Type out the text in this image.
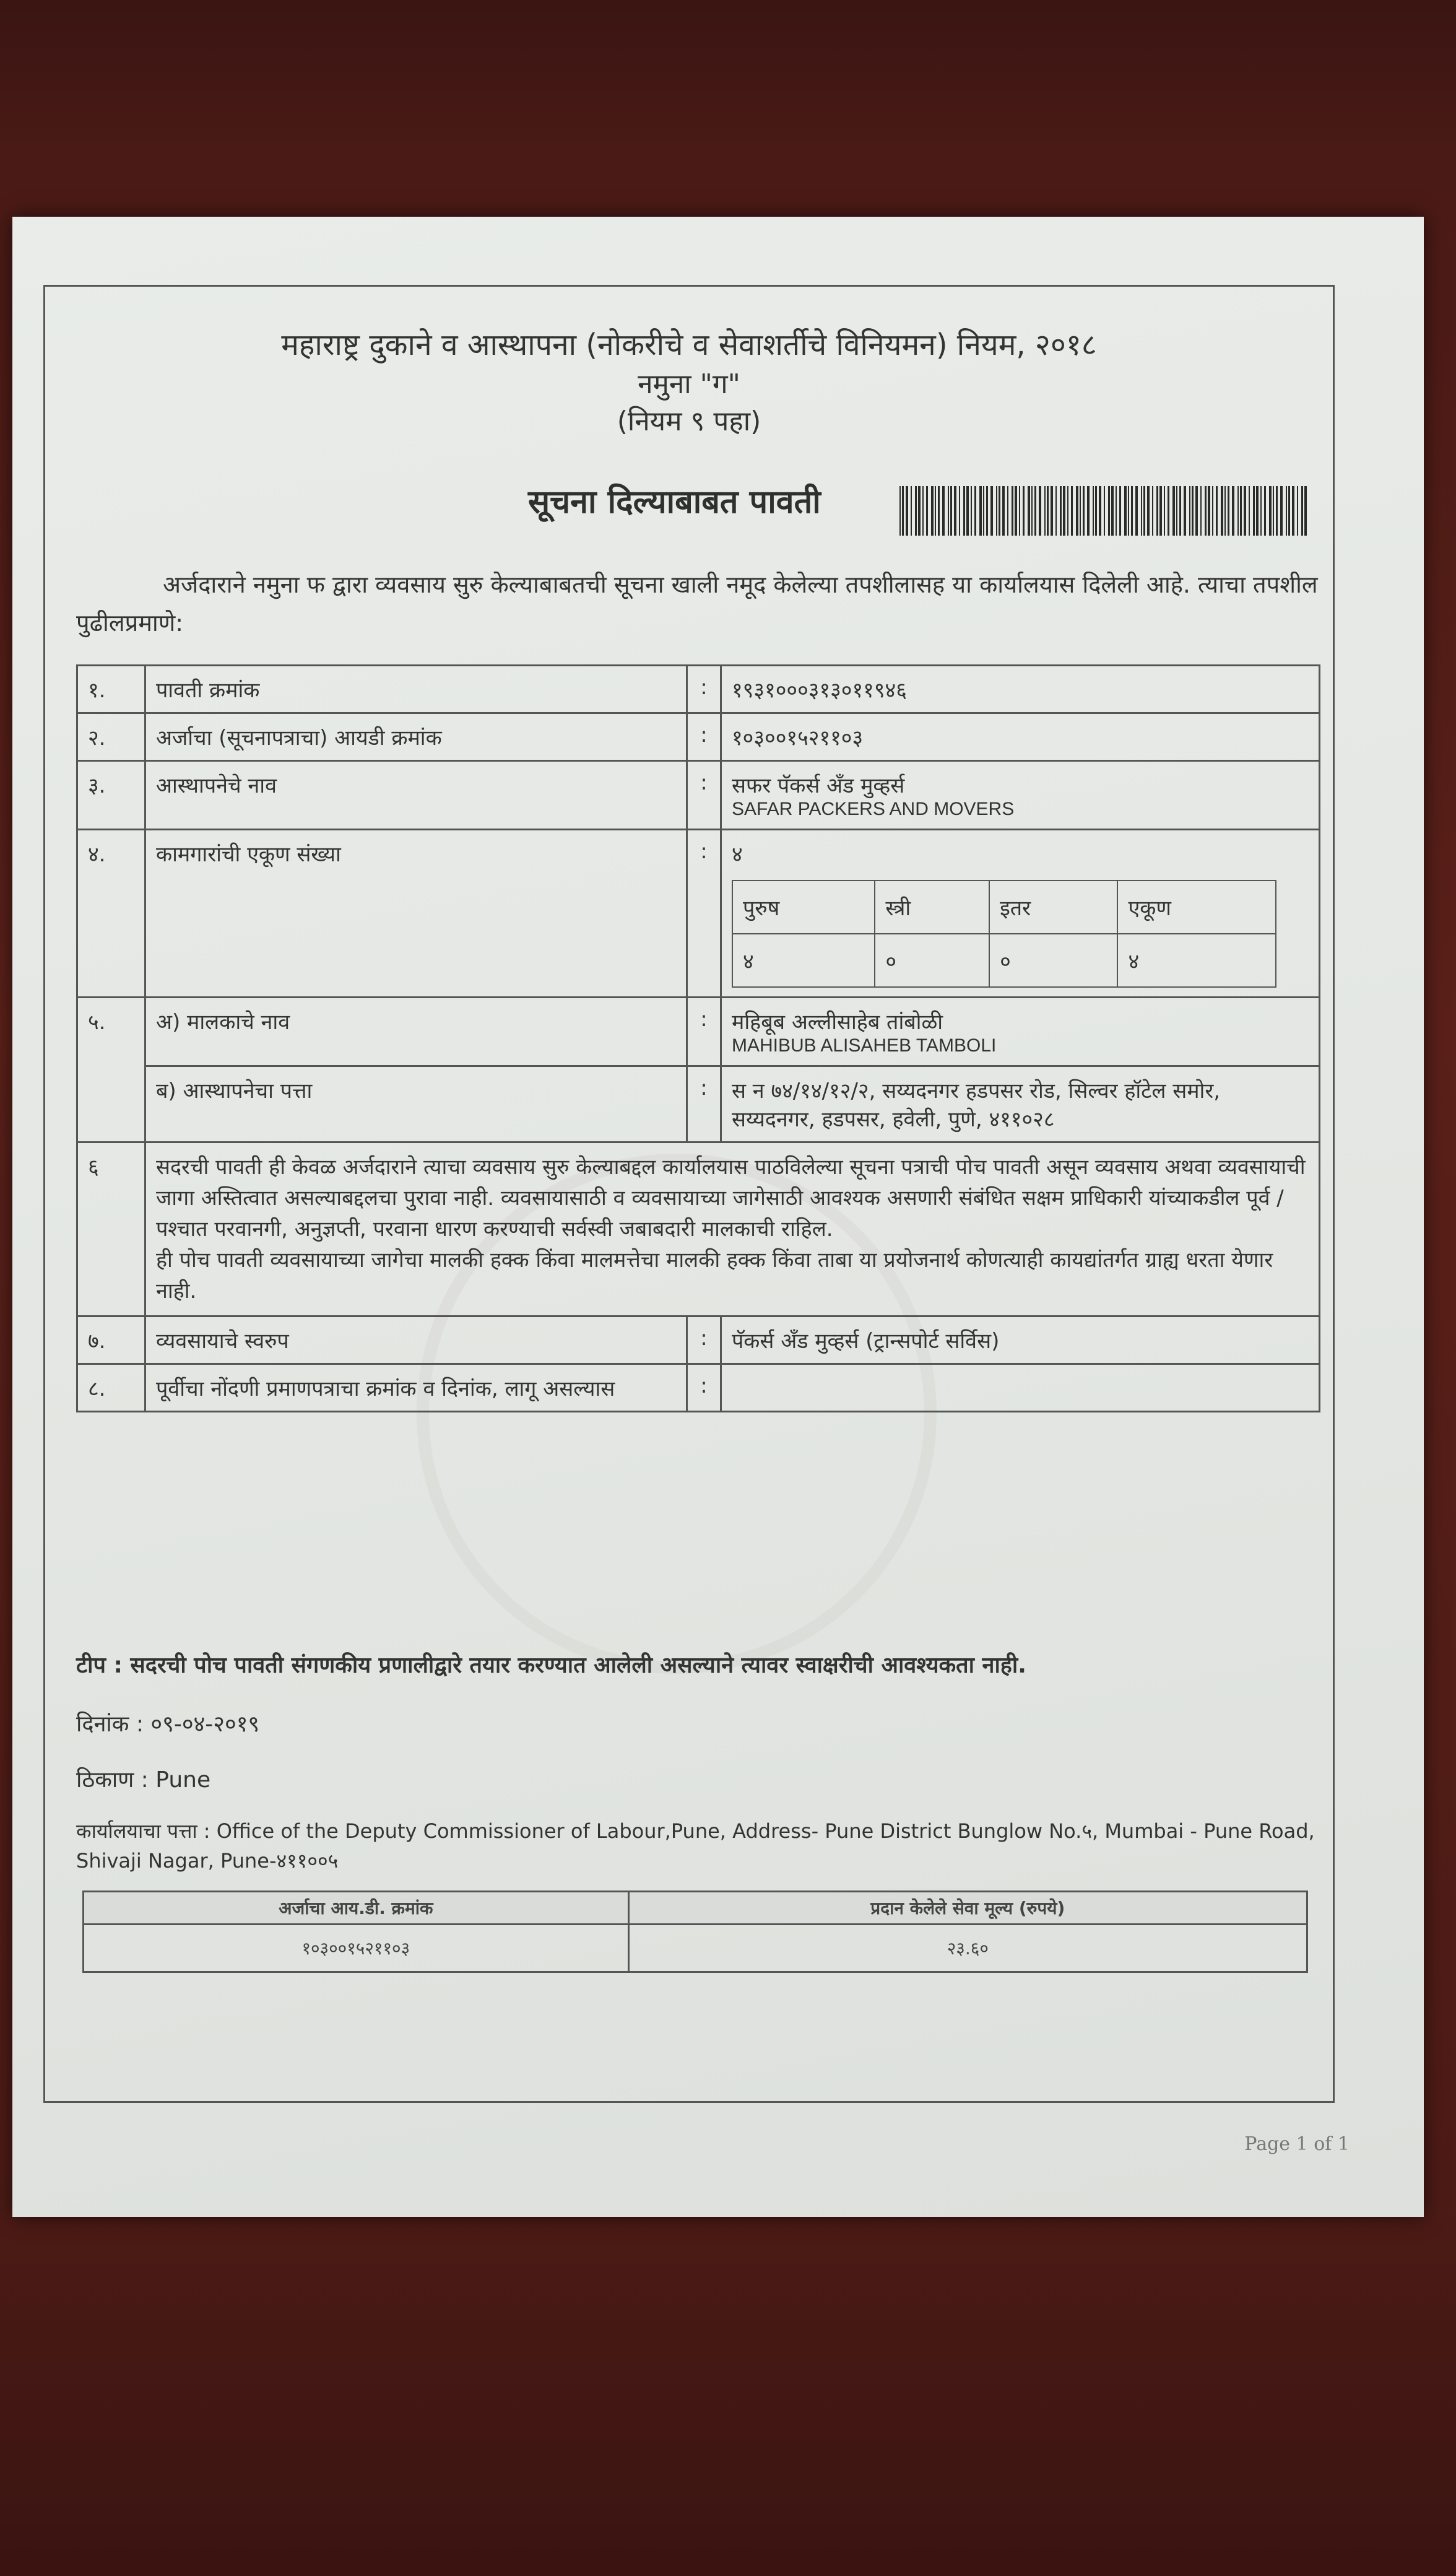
महाराष्ट्र दुकाने व आस्थापना (नोकरीचे व सेवाशर्तीचे विनियमन) नियम, २०१८
नमुना "ग"
(नियम ९ पहा)
सूचना दिल्याबाबत पावती
अर्जदाराने नमुना फ द्वारा व्यवसाय सुरु केल्याबाबतची सूचना खाली नमूद केलेल्या तपशीलासह या कार्यालयास दिलेली आहे. त्याचा तपशील पुढीलप्रमाणे:
१.	पावती क्रमांक	:	१९३१०००३१३०११९४६
२.	अर्जाचा (सूचनापत्राचा) आयडी क्रमांक	:	१०३००१५२११०३
३.	आस्थापनेचे नाव	:	सफर पॅकर्स अँड मुव्हर्स
SAFAR PACKERS AND MOVERS

४.	कामगारांची एकूण संख्या	:	४
पुरुष	स्त्री	इतर	एकूण
४	०	०	४

५.	अ) मालकाचे नाव	:	महिबूब अल्लीसाहेब तांबोळी
MAHIBUB ALISAHEB TAMBOLI

ब) आस्थापनेचा पत्ता	:	स न ७४/१४/१२/२, सय्यदनगर हडपसर रोड, सिल्वर हॉटेल समोर, सय्यदनगर, हडपसर, हवेली, पुणे, ४११०२८
६	सदरची पावती ही केवळ अर्जदाराने त्याचा व्यवसाय सुरु केल्याबद्दल कार्यालयास पाठविलेल्या सूचना पत्राची पोच पावती असून व्यवसाय अथवा व्यवसायाची जागा अस्तित्वात असल्याबद्दलचा पुरावा नाही. व्यवसायासाठी व व्यवसायाच्या जागेसाठी आवश्यक असणारी संबंधित सक्षम प्राधिकारी यांच्याकडील पूर्व / पश्चात परवानगी, अनुज्ञप्ती, परवाना धारण करण्याची सर्वस्वी जबाबदारी मालकाची राहिल.
ही पोच पावती व्यवसायाच्या जागेचा मालकी हक्क किंवा मालमत्तेचा मालकी हक्क किंवा ताबा या प्रयोजनार्थ कोणत्याही कायद्यांतर्गत ग्राह्य धरता येणार नाही.

७.	व्यवसायाचे स्वरुप	:	पॅकर्स अँड मुव्हर्स (ट्रान्सपोर्ट सर्विस)
८.	पूर्वीचा नोंदणी प्रमाणपत्राचा क्रमांक व दिनांक, लागू असल्यास	:	
टीप : सदरची पोच पावती संगणकीय प्रणालीद्वारे तयार करण्यात आलेली असल्याने त्यावर स्वाक्षरीची आवश्यकता नाही.
दिनांक : ०९-०४-२०१९
ठिकाण : Pune
कार्यालयाचा पत्ता : Office of the Deputy Commissioner of Labour,Pune, Address- Pune District Bunglow No.५, Mumbai - Pune Road, Shivaji Nagar, Pune-४११००५
अर्जाचा आय.डी. क्रमांक	प्रदान केलेले सेवा मूल्य (रुपये)
१०३००१५२११०३	२३.६०
Page 1 of 1
